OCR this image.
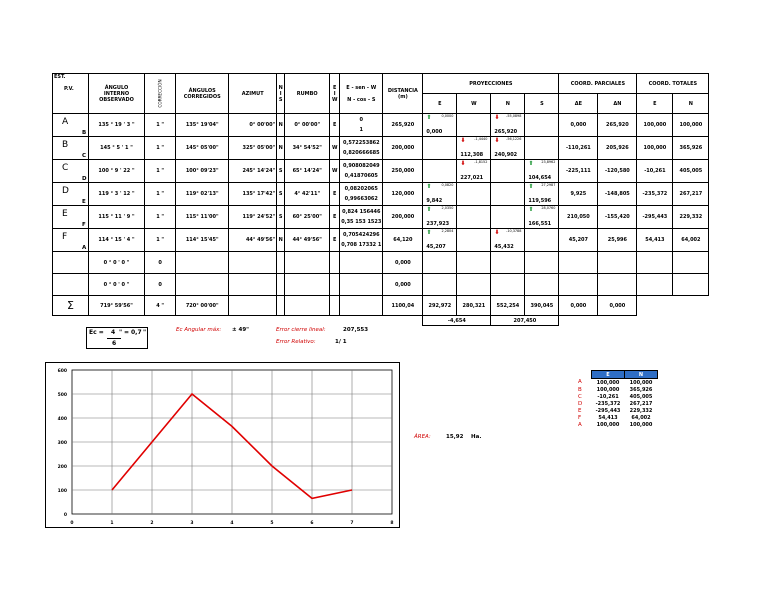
EST.

P.V.	ÁNGULO
INTERNO
OBSERVADO	CORRECCIÓN	ÁNGULOS
CORREGIDOS	AZIMUT	N
I
S	RUMBO	E
I
W	E - sen - W

N - cos - S	DISTANCIA
(m)	PROYECCIONES				COORD. PARCIALES		COORD. TOTALES	
										E	W	N	S	ΔE	ΔN	E	N

A
B	135 ° 19 ' 3 "	1 "	135° 19'04"	0° 00'00"	N	0° 00'00"	E	0
1	265,920	⬆ 0,0000
0,000		⬇ -55,0898
265,920		0,000	265,920	100,000	100,000

B
C	145 ° 5 ' 1 "	1 "	145° 05'00"	325° 05'00"	N	34° 54'52"	W	0,572253862
0,820666685	200,000		⬇ -1,4440
112,308	⬇ -56,1226
240,902		-110,261	205,926	100,000	365,926

C
D	100 ° 9 ' 22 "	1 "	100° 09'23"	245° 14'24"	S	65° 14'24"	W	0,908082049
0,41870605	250,000		⬇ -1,8152
227,021		⬆ 23,8962
104,654	-225,111	-120,580	-10,261	405,005

D
E	119 ° 3 ' 12 "	1 "	119° 02'13"	135° 17'42"	S	4° 42'11"	E	0,08202065
0,99663062	120,000	⬆ 0,0820
9,842			⬆ 27,2987
119,596	9,925	-148,805	-235,372	267,217

E
F	115 ° 11 ' 9 "	1 "	115° 11'00"	119° 24'52"	S	60° 25'00"	E	0,824 156446
0,35 153 1523	200,000	⬆ 2,0350
237,923			⬆ 28,0760
166,551	210,050	-155,420	-295,443	229,332

F
A	114 ° 15 ' 4 "	1 "	114° 15'45"	44° 49'56"	N	44° 49'56"	E	0,705424296
0,708 17332 1	64,120	⬆ 2,2804
45,207		⬇ -10,3788
45,432		45,207	25,996	54,413	64,002
	0 ° 0 ' 0 "	0							0,000								
	0 ° 0 ' 0 "	0							0,000								
Σ	719° 59'56"	4 "	720° 00'00"						1100,04	292,972	280,321	552,254	390,045	0,000	0,000		
										-4,654		207,450					
Ec = 4 " = 0,7 "
6
Ec Angular máx: ± 49"	Error cierre lineal:	207,553
Error Relativo:	1/ 1
0
100
200
300
400
500
600
0	1	2	3	4	5	6	7	8
ÁREA:	15,92 Ha.
	E	N
A	100,000	100,000
B	100,000	365,926
C	-10,261	405,005
D	-235,372	267,217
E	-295,443	229,332
F	54,413	64,002
A	100,000	100,000
